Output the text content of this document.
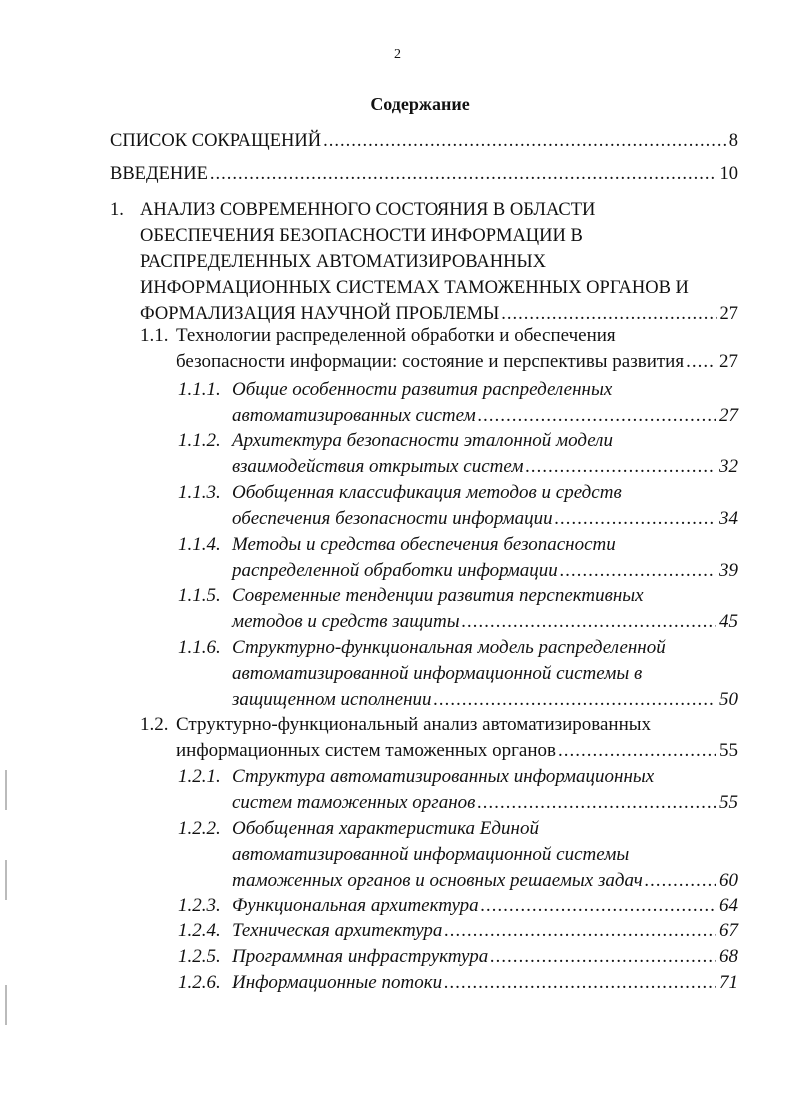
2
Содержание
СПИСОК СОКРАЩЕНИЙ .....	8
ВВЕДЕНИЕ .....	10
1. АНАЛИЗ СОВРЕМЕННОГО СОСТОЯНИЯ В ОБЛАСТИ
ОБЕСПЕЧЕНИЯ БЕЗОПАСНОСТИ ИНФОРМАЦИИ В
РАСПРЕДЕЛЕННЫХ АВТОМАТИЗИРОВАННЫХ
ИНФОРМАЦИОННЫХ СИСТЕМАХ ТАМОЖЕННЫХ ОРГАНОВ И
ФОРМАЛИЗАЦИЯ НАУЧНОЙ ПРОБЛЕМЫ .....	27
1.1. Технологии распределенной обработки и обеспечения
безопасности информации: состояние и перспективы развития ..... 27
1.1.1. Общие особенности развития распределенных
автоматизированных систем .....	27
1.1.2. Архитектура безопасности эталонной модели
взаимодействия открытых систем .....	32
1.1.3. Обобщенная классификация методов и средств
обеспечения безопасности информации .....	34
1.1.4. Методы и средства обеспечения безопасности
распределенной обработки информации .....	39
1.1.5. Современные тенденции развития перспективных
методов и средств защиты .....	45
1.1.6. Структурно-функциональная модель распределенной
автоматизированной информационной системы в
защищенном исполнении .....	50
1.2. Структурно-функциональный анализ автоматизированных
информационных систем таможенных органов .....	55
1.2.1. Структура автоматизированных информационных
систем таможенных органов .....	55
1.2.2. Обобщенная характеристика Единой
автоматизированной информационной системы
таможенных органов и основных решаемых задач .....	60
1.2.3. Функциональная архитектура .....	64
1.2.4. Техническая архитектура .....	67
1.2.5. Программная инфраструктура .....	68
1.2.6. Информационные потоки .....	71
